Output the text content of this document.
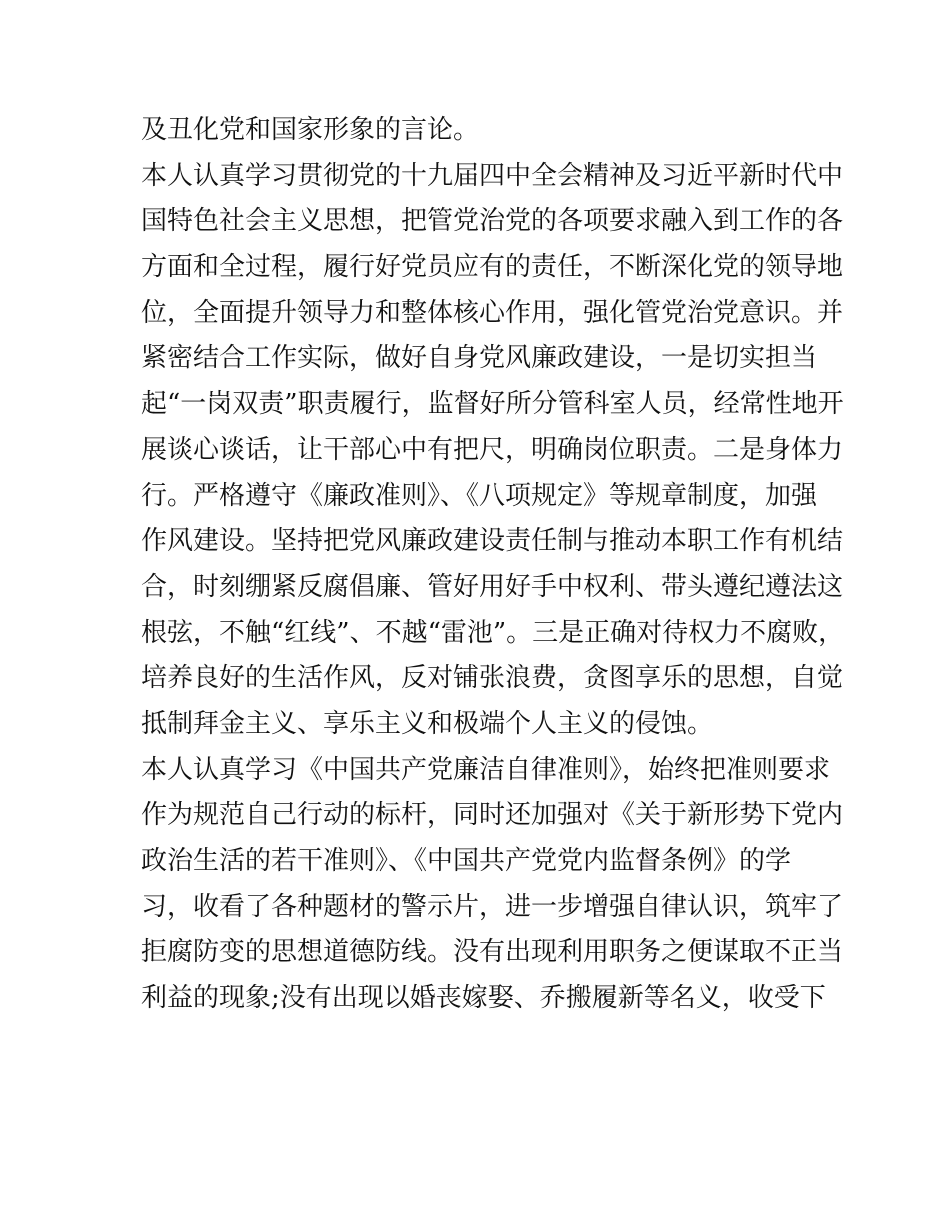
及丑化党和国家形象的言论。
本人认真学习贯彻党的十九届四中全会精神及习近平新时代中
国特色社会主义思想，把管党治党的各项要求融入到工作的各
方面和全过程，履行好党员应有的责任，不断深化党的领导地
位，全面提升领导力和整体核心作用，强化管党治党意识。并
紧密结合工作实际，做好自身党风廉政建设，一是切实担当
起“一岗双责”职责履行，监督好所分管科室人员，经常性地开
展谈心谈话，让干部心中有把尺，明确岗位职责。二是身体力
行。严格遵守《廉政准则》、《八项规定》等规章制度，加强
作风建设。坚持把党风廉政建设责任制与推动本职工作有机结
合，时刻绷紧反腐倡廉、管好用好手中权利、带头遵纪遵法这
根弦，不触“红线”、不越“雷池”。三是正确对待权力不腐败，
培养良好的生活作风，反对铺张浪费，贪图享乐的思想，自觉
抵制拜金主义、享乐主义和极端个人主义的侵蚀。
本人认真学习《中国共产党廉洁自律准则》，始终把准则要求
作为规范自己行动的标杆，同时还加强对《关于新形势下党内
政治生活的若干准则》、《中国共产党党内监督条例》的学
习，收看了各种题材的警示片，进一步增强自律认识，筑牢了
拒腐防变的思想道德防线。没有出现利用职务之便谋取不正当
利益的现象;没有出现以婚丧嫁娶、乔搬履新等名义，收受下
